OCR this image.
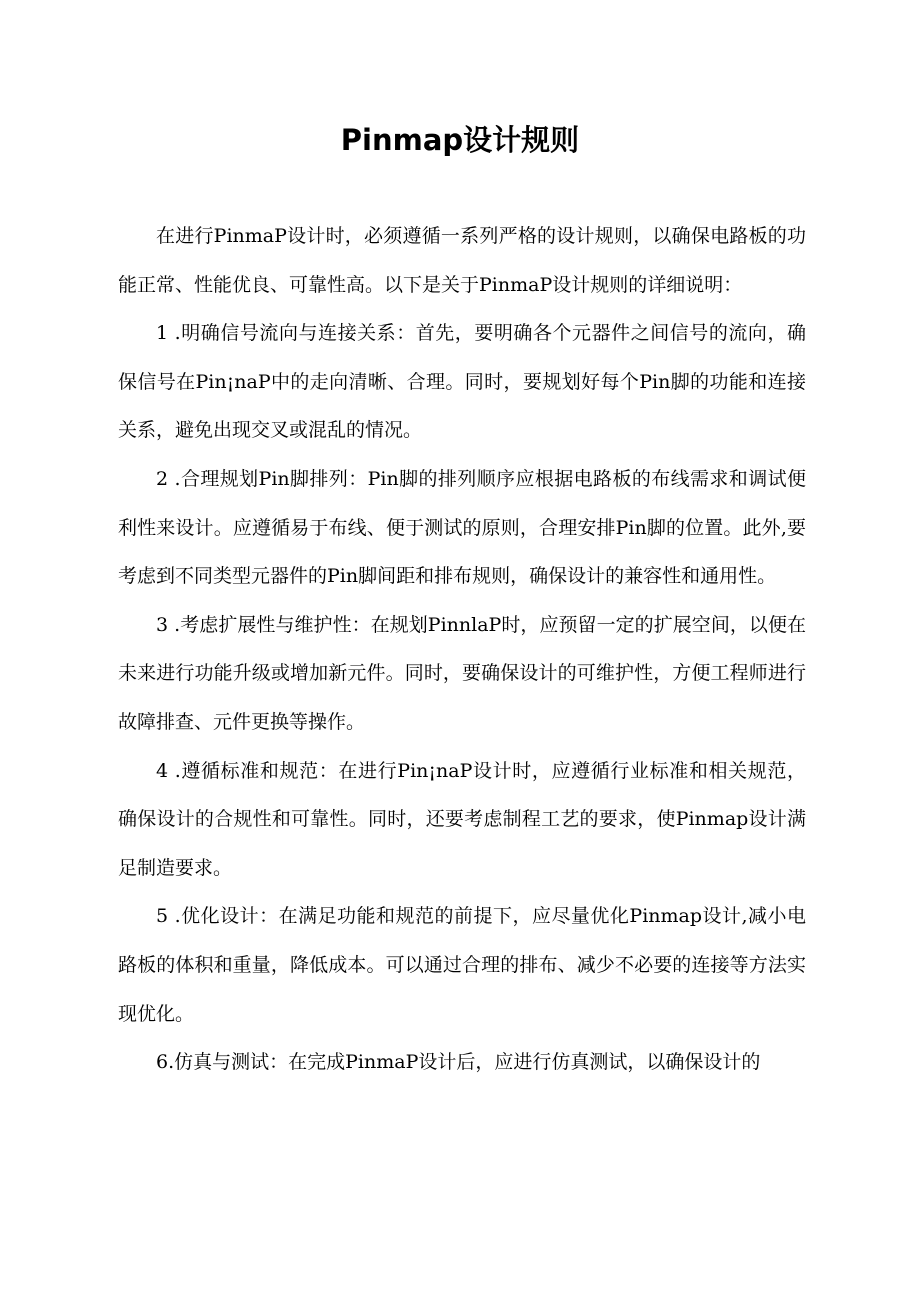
Pinmap设计规则

在进行PinmaP设计时，必须遵循一系列严格的设计规则，以确保电路板的功能正常、性能优良、可靠性高。以下是关于PinmaP设计规则的详细说明：

1 .明确信号流向与连接关系：首先，要明确各个元器件之间信号的流向，确保信号在Pin¡naP中的走向清晰、合理。同时，要规划好每个Pin脚的功能和连接关系，避免出现交叉或混乱的情况。

2 .合理规划Pin脚排列：Pin脚的排列顺序应根据电路板的布线需求和调试便利性来设计。应遵循易于布线、便于测试的原则，合理安排Pin脚的位置。此外,要考虑到不同类型元器件的Pin脚间距和排布规则，确保设计的兼容性和通用性。

3 .考虑扩展性与维护性：在规划PinnlaP时，应预留一定的扩展空间，以便在未来进行功能升级或增加新元件。同时，要确保设计的可维护性，方便工程师进行故障排查、元件更换等操作。

4 .遵循标准和规范：在进行Pin¡naP设计时，应遵循行业标准和相关规范，确保设计的合规性和可靠性。同时，还要考虑制程工艺的要求，使Pinmap设计满足制造要求。

5 .优化设计：在满足功能和规范的前提下，应尽量优化Pinmap设计,减小电路板的体积和重量，降低成本。可以通过合理的排布、减少不必要的连接等方法实现优化。

6.仿真与测试：在完成PinmaP设计后，应进行仿真测试，以确保设计的
